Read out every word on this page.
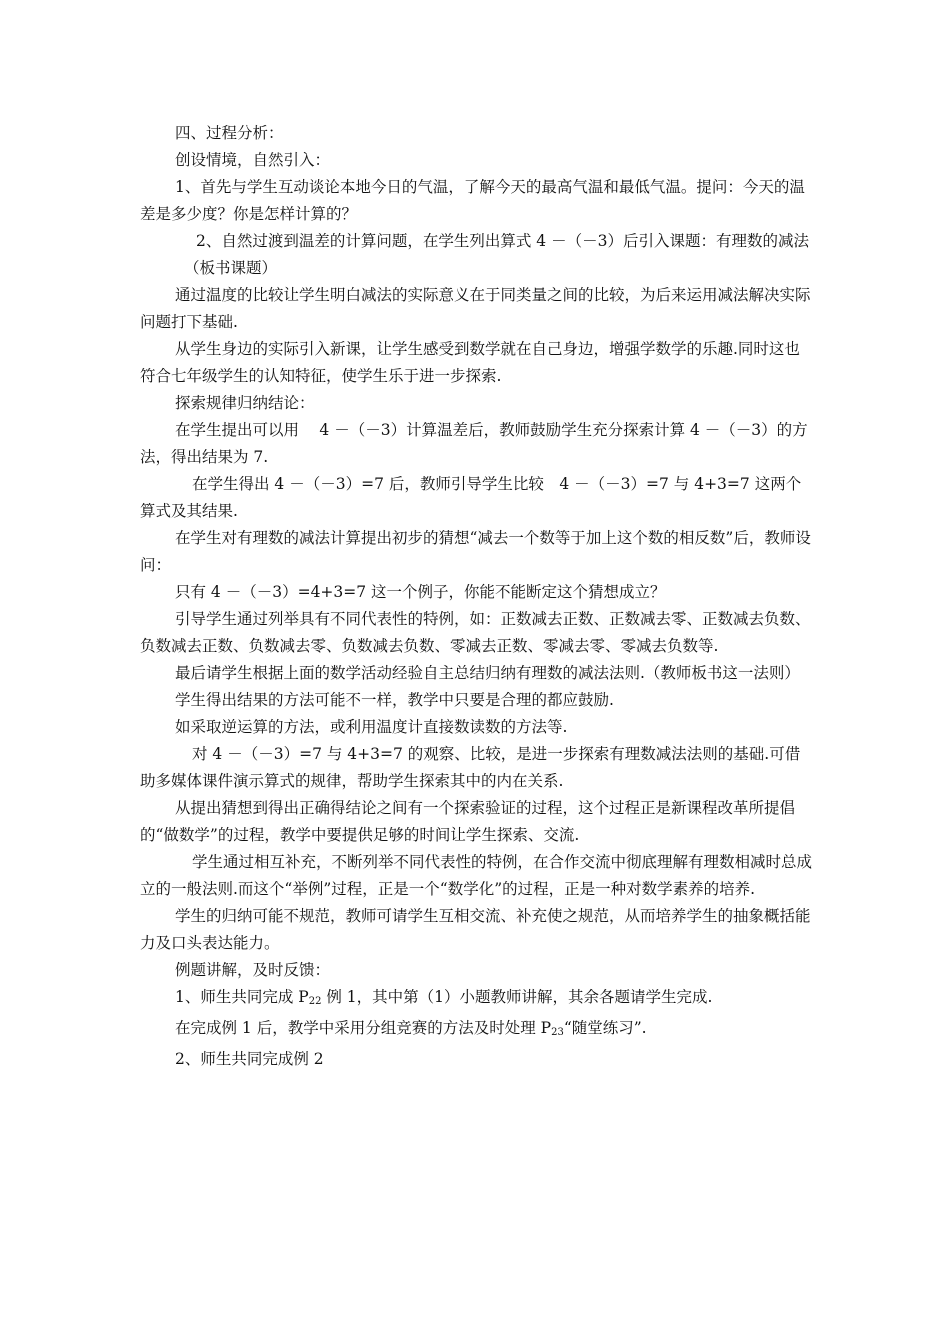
四、过程分析：

创设情境，自然引入：

1、首先与学生互动谈论本地今日的气温，了解今天的最高气温和最低气温。提问：今天的温差是多少度？你是怎样计算的？

2、自然过渡到温差的计算问题，在学生列出算式 4 －（－3）后引入课题：有理数的减法

（板书课题）

通过温度的比较让学生明白减法的实际意义在于同类量之间的比较，为后来运用减法解决实际问题打下基础.

从学生身边的实际引入新课，让学生感受到数学就在自己身边，增强学数学的乐趣.同时这也符合七年级学生的认知特征，使学生乐于进一步探索.

探索规律归纳结论：

在学生提出可以用　 4 －（－3）计算温差后，教师鼓励学生充分探索计算 4 －（－3）的方法，得出结果为 7.

在学生得出 4 －（－3）=7 后，教师引导学生比较　4 －（－3）=7 与 4+3=7 这两个算式及其结果.

在学生对有理数的减法计算提出初步的猜想“减去一个数等于加上这个数的相反数”后，教师设问：

只有 4 －（－3）=4+3=7 这一个例子，你能不能断定这个猜想成立？

引导学生通过列举具有不同代表性的特例，如：正数减去正数、正数减去零、正数减去负数、负数减去正数、负数减去零、负数减去负数、零减去正数、零减去零、零减去负数等.

最后请学生根据上面的数学活动经验自主总结归纳有理数的减法法则.（教师板书这一法则）

学生得出结果的方法可能不一样，教学中只要是合理的都应鼓励.

如采取逆运算的方法，或利用温度计直接数读数的方法等.

对 4 －（－3）=7 与 4+3=7 的观察、比较，是进一步探索有理数减法法则的基础.可借助多媒体课件演示算式的规律，帮助学生探索其中的内在关系.

从提出猜想到得出正确得结论之间有一个探索验证的过程，这个过程正是新课程改革所提倡的“做数学”的过程，教学中要提供足够的时间让学生探索、交流.

学生通过相互补充，不断列举不同代表性的特例，在合作交流中彻底理解有理数相减时总成立的一般法则.而这个“举例”过程，正是一个“数学化”的过程，正是一种对数学素养的培养.

学生的归纳可能不规范，教师可请学生互相交流、补充使之规范，从而培养学生的抽象概括能力及口头表达能力。

例题讲解，及时反馈：

1、师生共同完成 $P_{22}$ 例 1，其中第（1）小题教师讲解，其余各题请学生完成.

在完成例 1 后，教学中采用分组竞赛的方法及时处理 $P_{23}“$随堂练习”.

2、师生共同完成例 2
